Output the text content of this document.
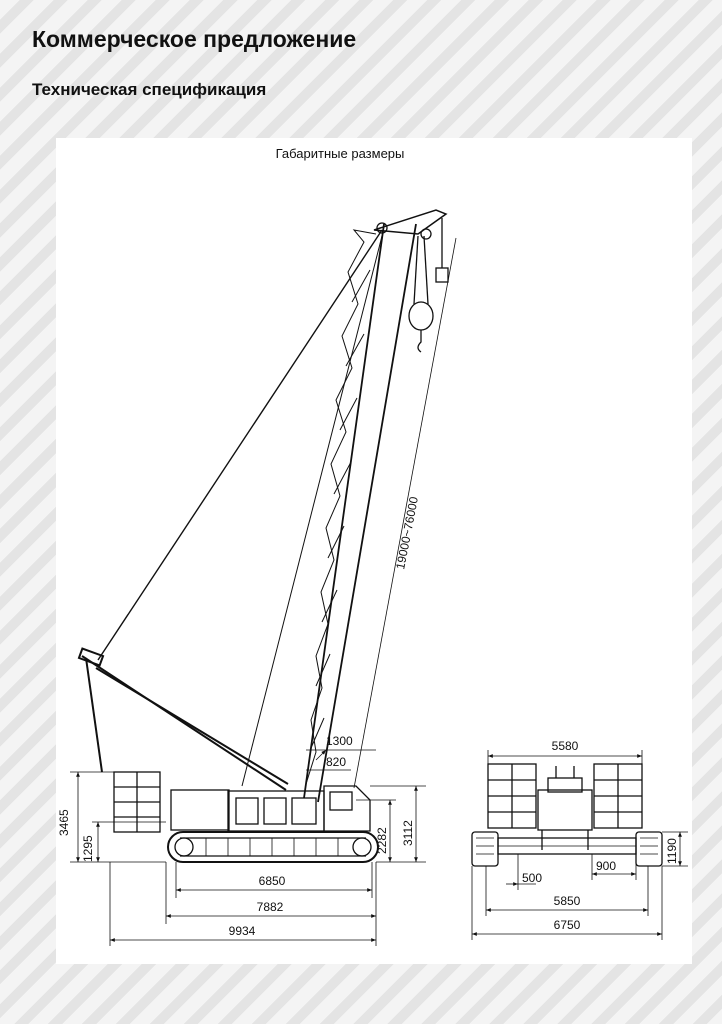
Коммерческое предложение
Техническая спецификация
Габаритные размеры
19000~76000
1300
820
3465
1295	2282 3112
6850
7882
9934
5580
1190
900
500
5850
6750
